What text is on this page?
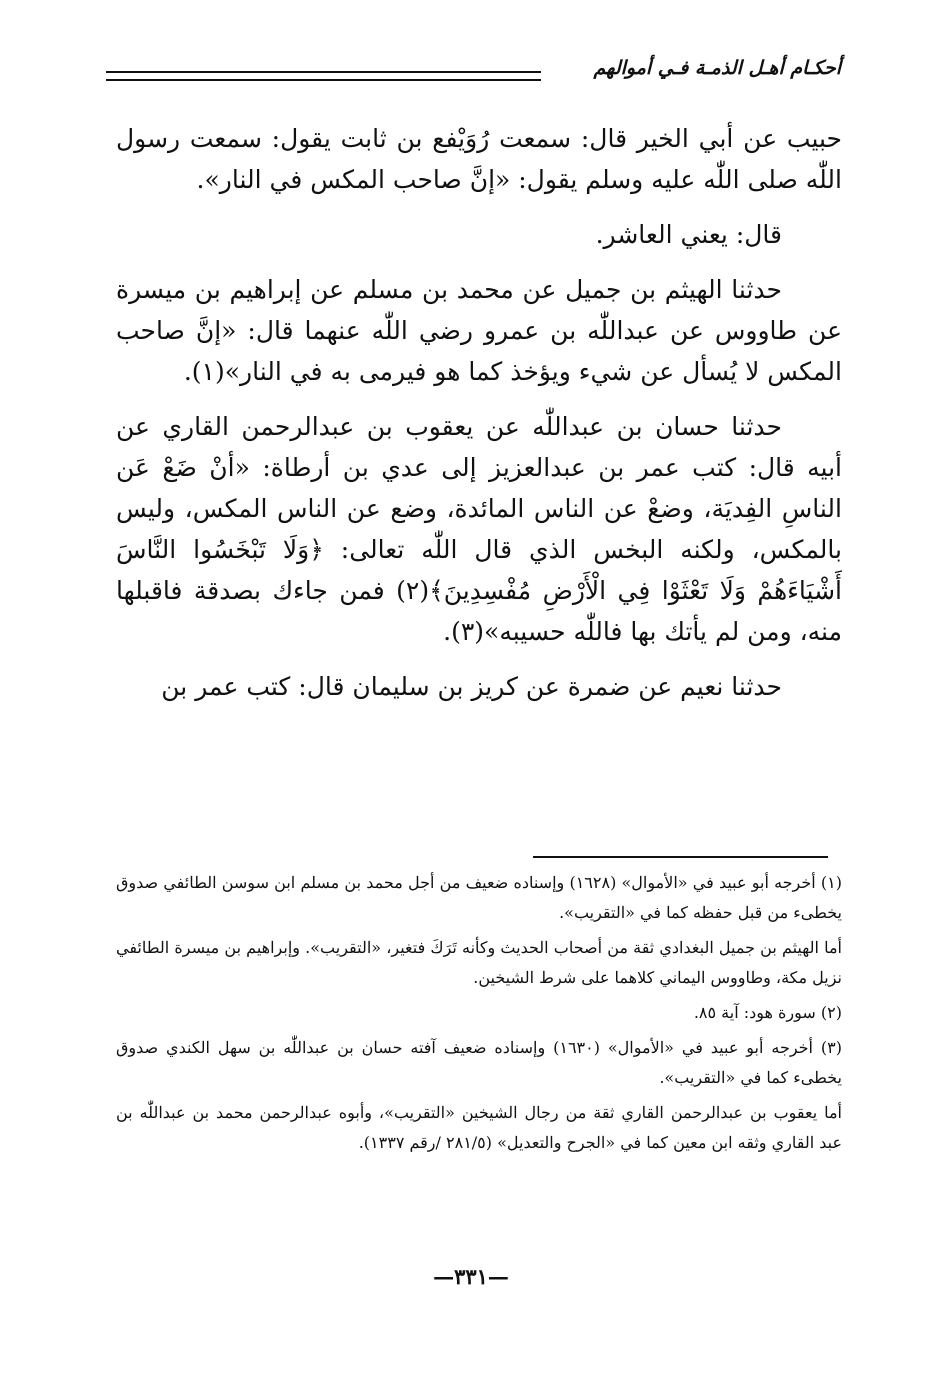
أحكـام أهـل الذمـة فـي أموالهم

حبيب عن أبي الخير قال: سمعت رُوَيْفع بن ثابت يقول: سمعت رسول اللّٰه صلى اللّٰه عليه وسلم يقول: «إنَّ صاحب المكس في النار».

قال: يعني العاشر.

حدثنا الهيثم بن جميل عن محمد بن مسلم عن إبراهيم بن ميسرة عن طاووس عن عبداللّٰه بن عمرو رضي اللّٰه عنهما قال: «إنَّ صاحب المكس لا يُسأل عن شيء ويؤخذ كما هو فيرمى به في النار»(١).

حدثنا حسان بن عبداللّٰه عن يعقوب بن عبدالرحمن القاري عن أبيه قال: كتب عمر بن عبدالعزيز إلى عدي بن أرطاة: «أنْ ضَعْ عَن الناسِ الفِديَة، وضعْ عن الناس المائدة، وضع عن الناس المكس، وليس بالمكس، ولكنه البخس الذي قال اللّٰه تعالى: ﴿وَلَا تَبْخَسُوا النَّاسَ أَشْيَاءَهُمْ وَلَا تَعْثَوْا فِي الْأَرْضِ مُفْسِدِينَ﴾(٢) فمن جاءك بصدقة فاقبلها منه، ومن لم يأتك بها فاللّٰه حسيبه»(٣).

حدثنا نعيم عن ضمرة عن كريز بن سليمان قال: كتب عمر بن

(١) أخرجه أبو عبيد في «الأموال» (١٦٢٨) وإسناده ضعيف من أجل محمد بن مسلم ابن سوسن الطائفي صدوق يخطىء من قبل حفظه كما في «التقريب».

أما الهيثم بن جميل البغدادي ثقة من أصحاب الحديث وكأنه تَرَكَ فتغير، «التقريب». وإبراهيم بن ميسرة الطائفي نزيل مكة، وطاووس اليماني كلاهما على شرط الشيخين.

(٢) سورة هود: آية ٨٥.

(٣) أخرجه أبو عبيد في «الأموال» (١٦٣٠) وإسناده ضعيف آفته حسان بن عبداللّٰه بن سهل الكندي صدوق يخطىء كما في «التقريب».

أما يعقوب بن عبدالرحمن القاري ثقة من رجال الشيخين «التقريب»، وأبوه عبدالرحمن محمد بن عبداللّٰه بن عبد القاري وثقه ابن معين كما في «الجرح والتعديل» (٢٨١/٥ /رقم ١٣٣٧).

—٣٣١—
